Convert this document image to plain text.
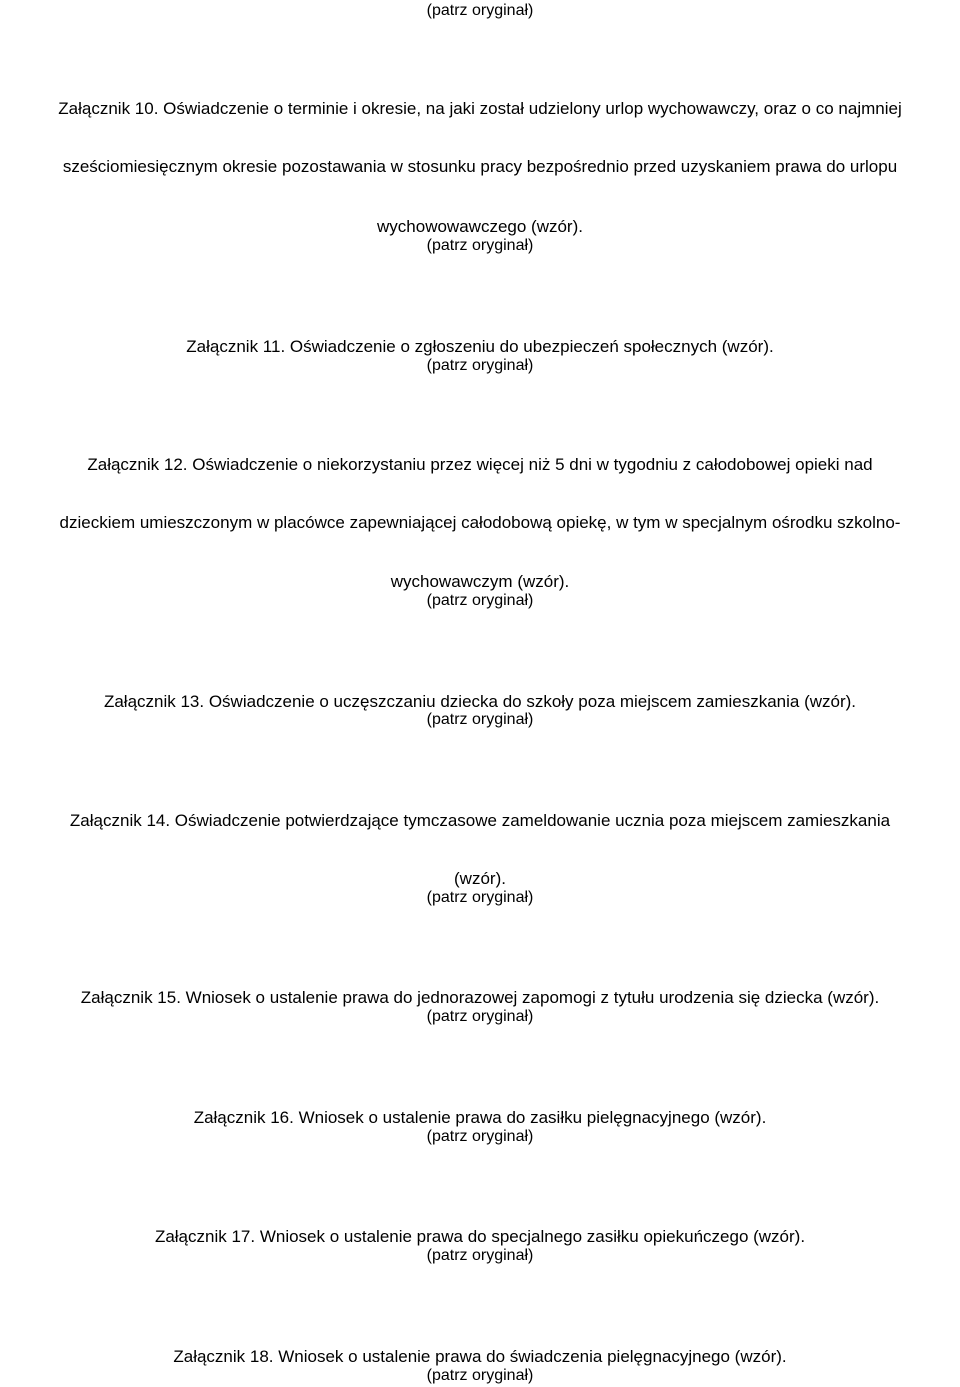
(patrz oryginał)
Załącznik 10. Oświadczenie o terminie i okresie, na jaki został udzielony urlop wychowawczy, oraz o co najmniej
sześciomiesięcznym okresie pozostawania w stosunku pracy bezpośrednio przed uzyskaniem prawa do urlopu
wychowowawczego (wzór).
(patrz oryginał)
Załącznik 11. Oświadczenie o zgłoszeniu do ubezpieczeń społecznych (wzór).
(patrz oryginał)
Załącznik 12. Oświadczenie o niekorzystaniu przez więcej niż 5 dni w tygodniu z całodobowej opieki nad
dzieckiem umieszczonym w placówce zapewniającej całodobową opiekę, w tym w specjalnym ośrodku szkolno-
wychowawczym (wzór).
(patrz oryginał)
Załącznik 13. Oświadczenie o uczęszczaniu dziecka do szkoły poza miejscem zamieszkania (wzór).
(patrz oryginał)
Załącznik 14. Oświadczenie potwierdzające tymczasowe zameldowanie ucznia poza miejscem zamieszkania
(wzór).
(patrz oryginał)
Załącznik 15. Wniosek o ustalenie prawa do jednorazowej zapomogi z tytułu urodzenia się dziecka (wzór).
(patrz oryginał)
Załącznik 16. Wniosek o ustalenie prawa do zasiłku pielęgnacyjnego (wzór).
(patrz oryginał)
Załącznik 17. Wniosek o ustalenie prawa do specjalnego zasiłku opiekuńczego (wzór).
(patrz oryginał)
Załącznik 18. Wniosek o ustalenie prawa do świadczenia pielęgnacyjnego (wzór).
(patrz oryginał)
